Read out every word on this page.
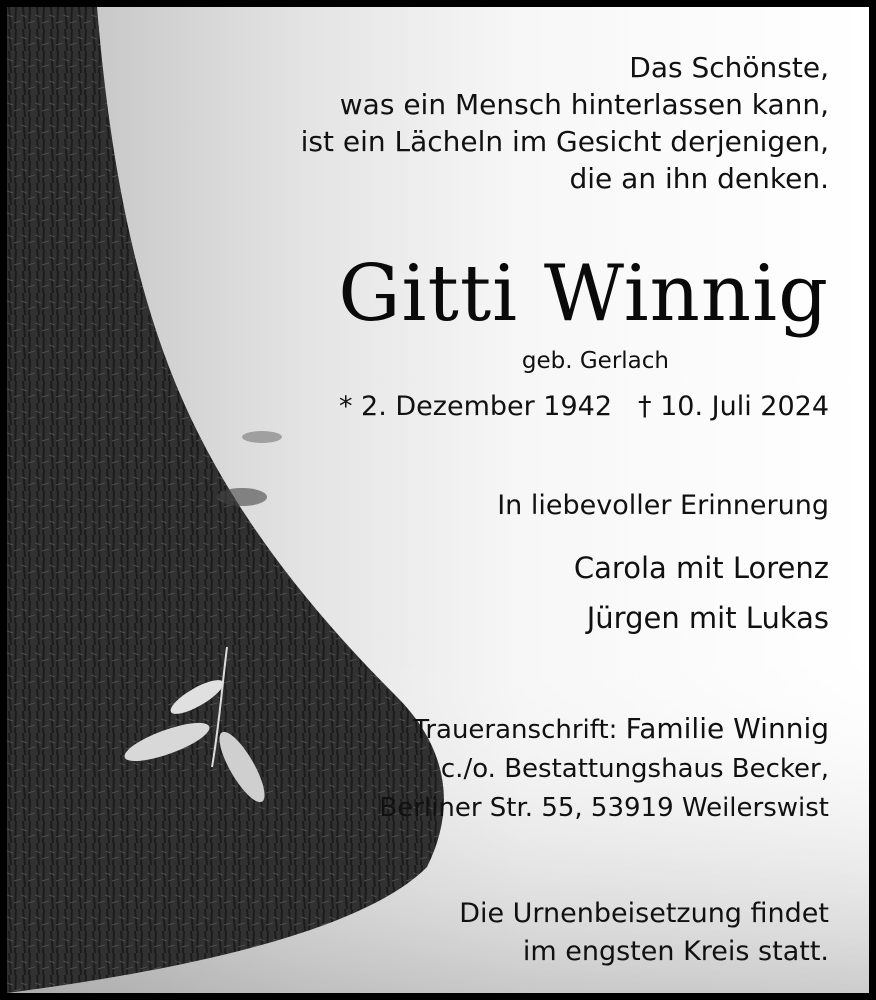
Das Schönste,
was ein Mensch hinterlassen kann,
ist ein Lächeln im Gesicht derjenigen,
die an ihn denken.
Gitti Winnig
geb. Gerlach
* 2. Dezember 1942 † 10. Juli 2024
In liebevoller Erinnerung
Carola mit Lorenz
Jürgen mit Lukas
Traueranschrift: Familie Winnig
c./o. Bestattungshaus Becker,
Berliner Str. 55, 53919 Weilerswist
Die Urnenbeisetzung findet
im engsten Kreis statt.
